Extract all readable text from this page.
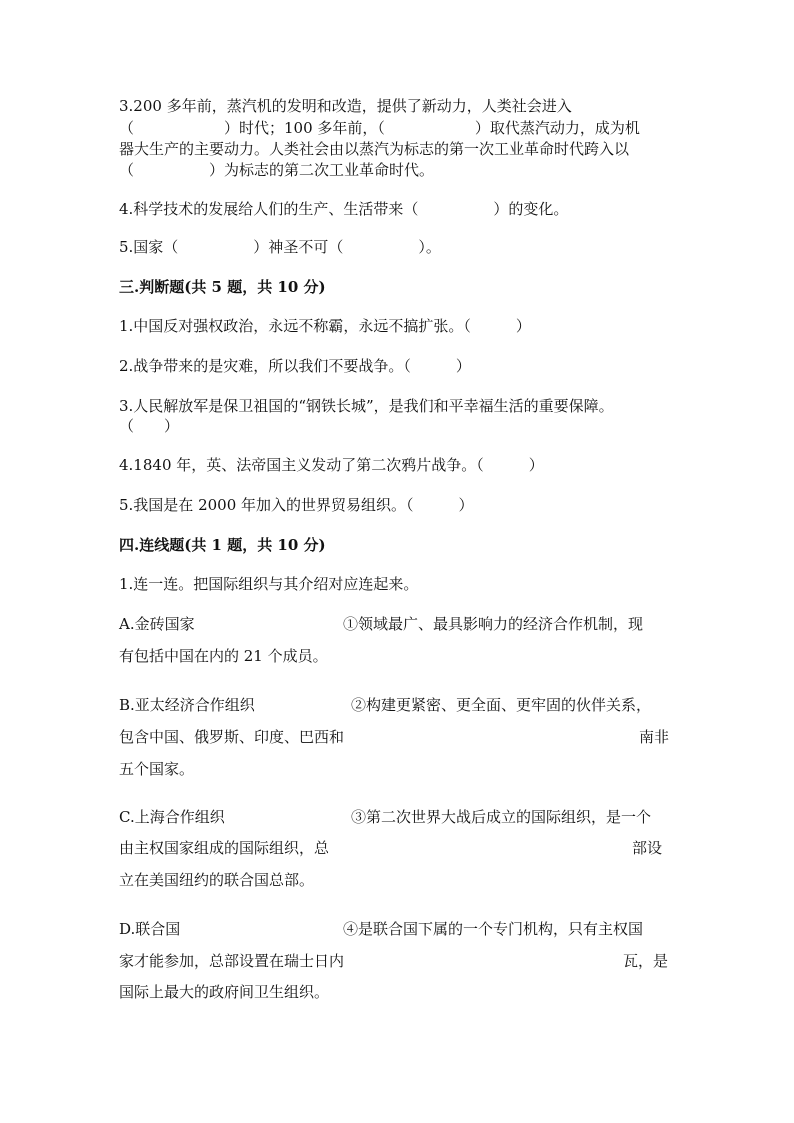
3.200 多年前，蒸汽机的发明和改造，提供了新动力，人类社会进入
（　　　　　　）时代；100 多年前，（　　　　　　）取代蒸汽动力，成为机
器大生产的主要动力。人类社会由以蒸汽为标志的第一次工业革命时代跨入以
（　　　　　）为标志的第二次工业革命时代。
4.科学技术的发展给人们的生产、生活带来（　　　　　）的变化。
5.国家（　　　　　）神圣不可（　　　　　）。
三.判断题(共 5 题，共 10 分)
1.中国反对强权政治，永远不称霸，永远不搞扩张。（　　　）
2.战争带来的是灾难，所以我们不要战争。（　　　）
3.人民解放军是保卫祖国的“钢铁长城”，是我们和平幸福生活的重要保障。
（　　）
4.1840 年，英、法帝国主义发动了第二次鸦片战争。（　　　）
5.我国是在 2000 年加入的世界贸易组织。（　　　）
四.连线题(共 1 题，共 10 分)
1.连一连。把国际组织与其介绍对应连起来。
A.金砖国家	①领域最广、最具影响力的经济合作机制，现
有包括中国在内的 21 个成员。
B.亚太经济合作组织	②构建更紧密、更全面、更牢固的伙伴关系，
包含中国、俄罗斯、印度、巴西和	南非
五个国家。
C.上海合作组织	③第二次世界大战后成立的国际组织，是一个
由主权国家组成的国际组织，总	部设
立在美国纽约的联合国总部。
D.联合国	④是联合国下属的一个专门机构，只有主权国
家才能参加，总部设置在瑞士日内	瓦，是
国际上最大的政府间卫生组织。
